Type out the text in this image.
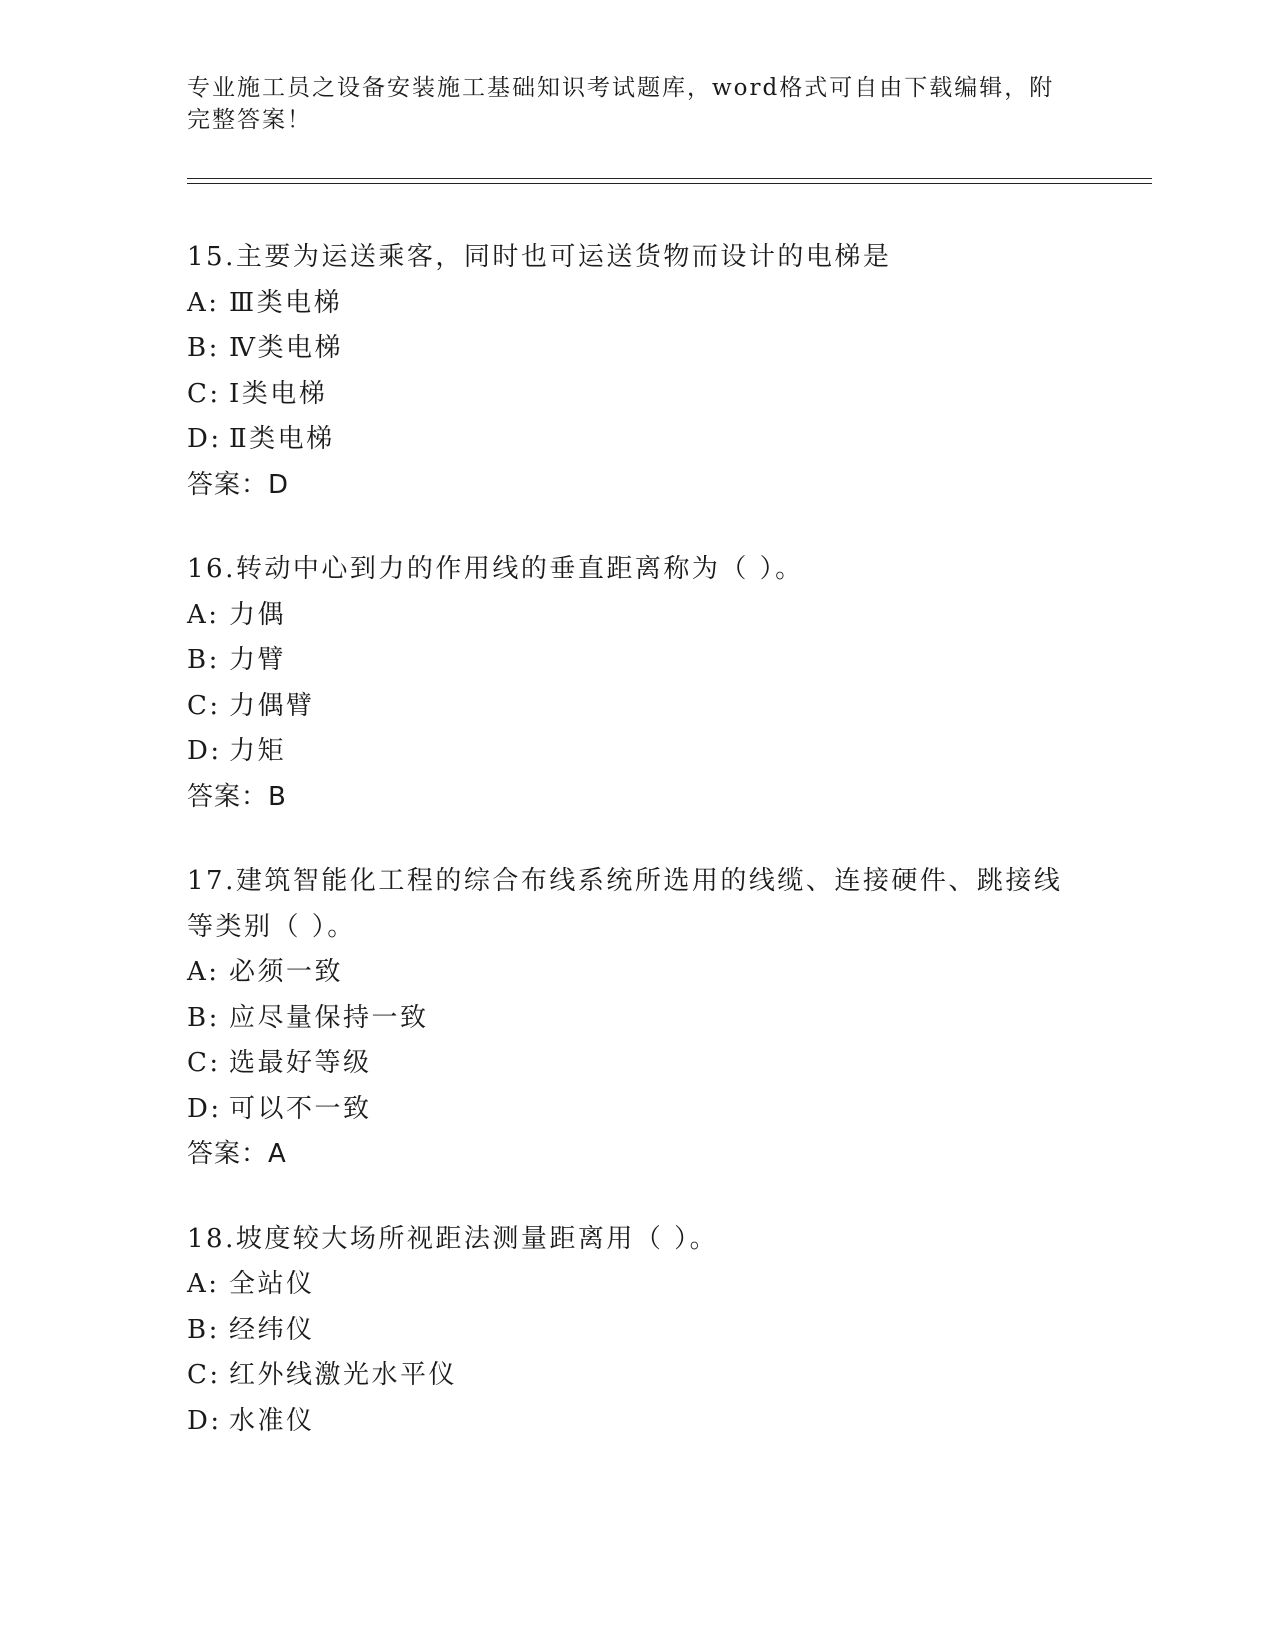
专业施工员之设备安装施工基础知识考试题库，word格式可自由下载编辑，附完整答案！
15.主要为运送乘客，同时也可运送货物而设计的电梯是
A: Ⅲ类电梯
B: Ⅳ类电梯
C: Ⅰ类电梯
D: Ⅱ类电梯
答案：D
16.转动中心到力的作用线的垂直距离称为（ ）。
A: 力偶
B: 力臂
C: 力偶臂
D: 力矩
答案：B
17.建筑智能化工程的综合布线系统所选用的线缆、连接硬件、跳接线等类别（ ）。
A: 必须一致
B: 应尽量保持一致
C: 选最好等级
D: 可以不一致
答案：A
18.坡度较大场所视距法测量距离用（ ）。
A: 全站仪
B: 经纬仪
C: 红外线激光水平仪
D: 水准仪
